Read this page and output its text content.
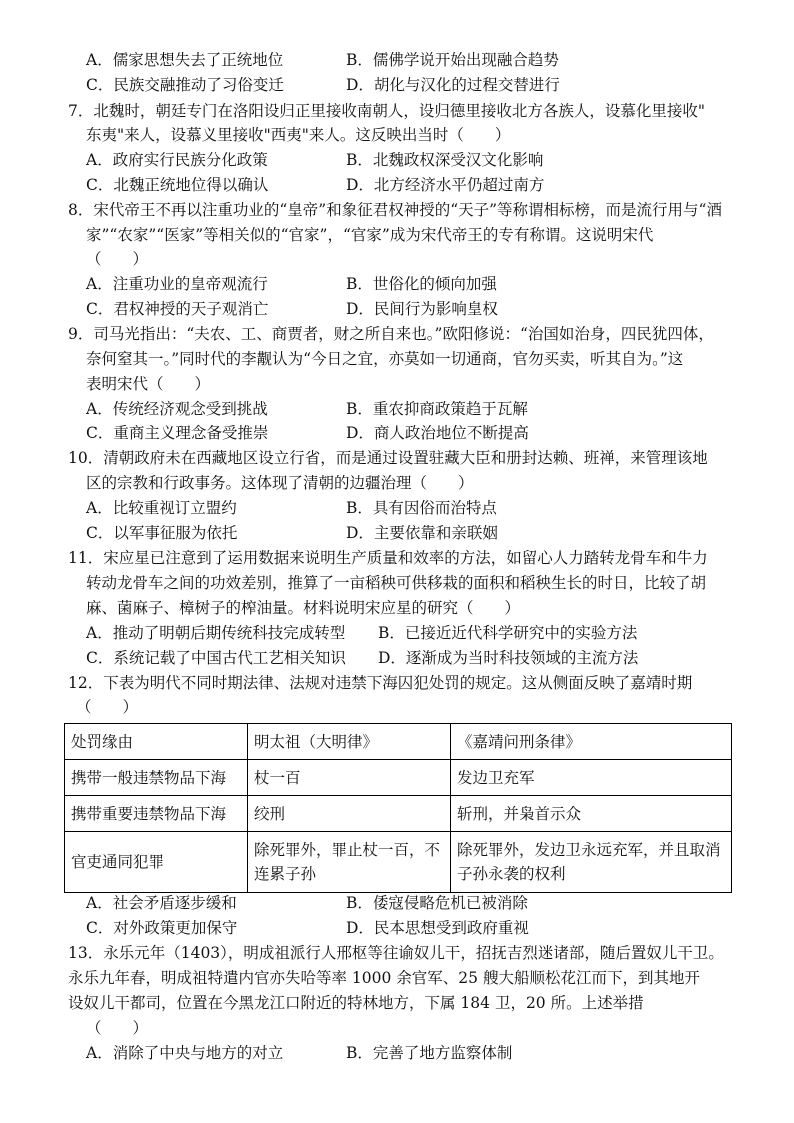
A．儒家思想失去了正统地位	B．儒佛学说开始出现融合趋势
C．民族交融推动了习俗变迁	D．胡化与汉化的过程交替进行
7．北魏时，朝廷专门在洛阳设归正里接收南朝人，设归德里接收北方各族人，设慕化里接收"
东夷"来人，设慕义里接收"西夷"来人。这反映出当时（　　）
A．政府实行民族分化政策	B．北魏政权深受汉文化影响
C．北魏正统地位得以确认	D．北方经济水平仍超过南方
8．宋代帝王不再以注重功业的“皇帝”和象征君权神授的“天子”等称谓相标榜，而是流行用与“酒
家”“农家”“医家”等相关似的“官家”，“官家”成为宋代帝王的专有称谓。这说明宋代
（　　）
A．注重功业的皇帝观流行	B．世俗化的倾向加强
C．君权神授的天子观消亡	D．民间行为影响皇权
9．司马光指出：“夫农、工、商贾者，财之所自来也。”欧阳修说：“治国如治身，四民犹四体，
奈何窒其一。”同时代的李觏认为“今日之宜，亦莫如一切通商，官勿买卖，听其自为。”这
表明宋代（　　）
A．传统经济观念受到挑战	B．重农抑商政策趋于瓦解
C．重商主义理念备受推崇	D．商人政治地位不断提高
10．清朝政府未在西藏地区设立行省，而是通过设置驻藏大臣和册封达赖、班禅，来管理该地
区的宗教和行政事务。这体现了清朝的边疆治理（　　）
A．比较重视订立盟约	B．具有因俗而治特点
C．以军事征服为依托	D．主要依靠和亲联姻
11．宋应星已注意到了运用数据来说明生产质量和效率的方法，如留心人力踏转龙骨车和牛力
转动龙骨车之间的功效差别，推算了一亩稻秧可供移栽的面积和稻秧生长的时日，比较了胡
麻、菌麻子、樟树子的榨油量。材料说明宋应星的研究（　　）
A．推动了明朝后期传统科技完成转型 B．已接近近代科学研究中的实验方法
C．系统记载了中国古代工艺相关知识 D．逐渐成为当时科技领域的主流方法
12．下表为明代不同时期法律、法规对违禁下海囚犯处罚的规定。这从侧面反映了嘉靖时期
（　　）
处罚缘由	明太祖（大明律》	《嘉靖问刑条律》
携带一般违禁物品下海	杖一百	发边卫充军
携带重要违禁物品下海	绞刑	斩刑，并枭首示众
官吏通同犯罪	除死罪外，罪止杖一百，不连累子孙	除死罪外，发边卫永远充军，并且取消子孙永袭的权利
A．社会矛盾逐步缓和	B．倭寇侵略危机已被消除
C．对外政策更加保守	D．民本思想受到政府重视
13．永乐元年（1403），明成祖派行人邢枢等往谕奴儿干，招抚吉烈迷诸部，随后置奴儿干卫。
永乐九年春，明成祖特遣内官亦失哈等率 1000 余官军、25 艘大船顺松花江而下，到其地开
设奴儿干都司，位置在今黑龙江口附近的特林地方，下属 184 卫，20 所。上述举措
（　　）
A．消除了中央与地方的对立	B．完善了地方监察体制
